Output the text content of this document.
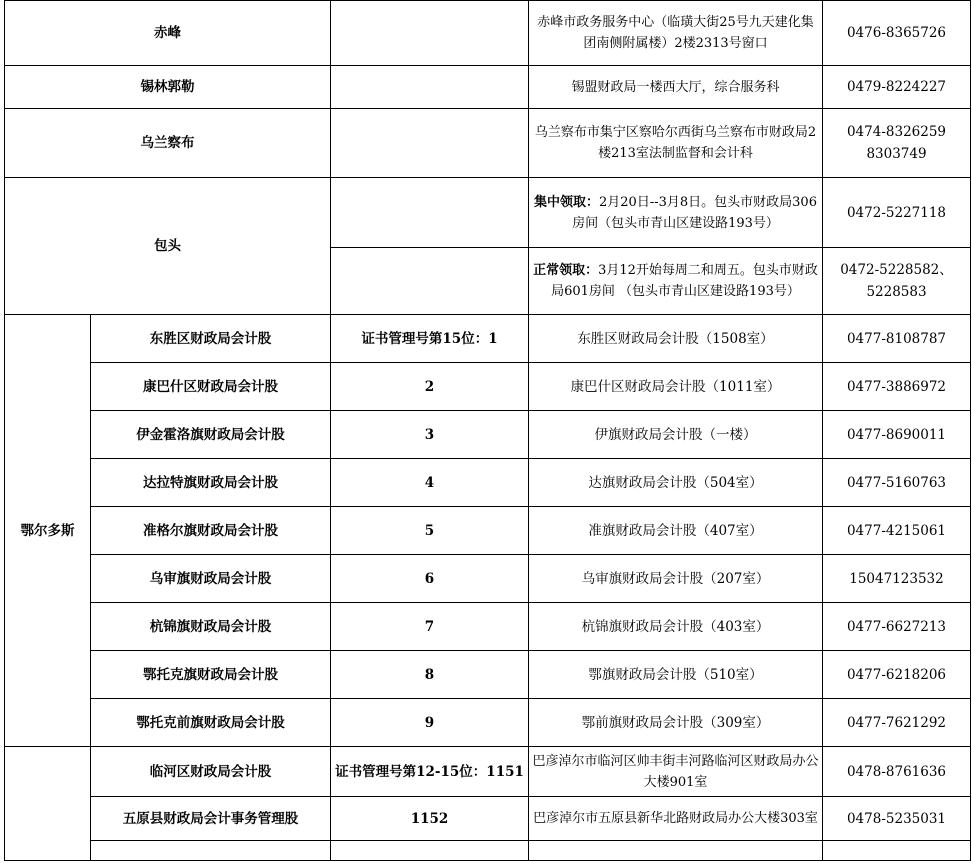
赤峰			赤峰市政务服务中心（临璜大街25号九天建化集团南侧附属楼）2楼2313号窗口	0476-8365726
锡林郭勒			锡盟财政局一楼西大厅，综合服务科	0479-8224227
乌兰察布			乌兰察布市集宁区察哈尔西街乌兰察布市财政局2楼213室法制监督和会计科	0474-8326259 8303749
包头			集中领取：2月20日--3月8日。包头市财政局306房间（包头市青山区建设路193号）	0472-5227118
			正常领取：3月12开始每周二和周五。包头市财政局601房间 （包头市青山区建设路193号）	0472-5228582、5228583
鄂尔多斯	东胜区财政局会计股	证书管理号第15位：1	东胜区财政局会计股（1508室）	0477-8108787
	康巴什区财政局会计股	2	康巴什区财政局会计股（1011室）	0477-3886972
	伊金霍洛旗财政局会计股	3	伊旗财政局会计股（一楼）	0477-8690011
	达拉特旗财政局会计股	4	达旗财政局会计股（504室）	0477-5160763
	准格尔旗财政局会计股	5	准旗财政局会计股（407室）	0477-4215061
	乌审旗财政局会计股	6	乌审旗财政局会计股（207室）	15047123532
	杭锦旗财政局会计股	7	杭锦旗财政局会计股（403室）	0477-6627213
	鄂托克旗财政局会计股	8	鄂旗财政局会计股（510室）	0477-6218206
	鄂托克前旗财政局会计股	9	鄂前旗财政局会计股（309室）	0477-7621292
	临河区财政局会计股	证书管理号第12-15位：1151	巴彦淖尔市临河区帅丰街丰河路临河区财政局办公大楼901室	0478-8761636
	五原县财政局会计事务管理股	1152	巴彦淖尔市五原县新华北路财政局办公大楼303室	0478-5235031
